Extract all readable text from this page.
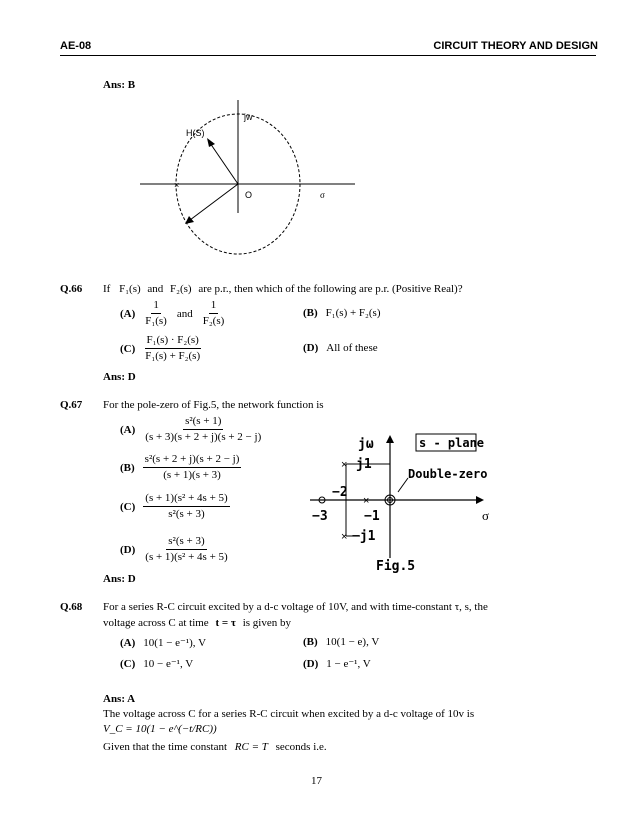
AE-08	CIRCUIT THEORY AND DESIGN
Ans: B
×
jw
H(S)
O	σ
Q.66 If F₁(s) and F₂(s) are p.r., then which of the following are p.r. (Positive Real)?
$(A) \frac{1}{\text{F₁(s)}}$ and $\frac{1}{\text{F₂(s)}}$	(B) F₁(s) + F₂(s)
$(C) \frac{\text{F₁(s) · F₂(s)}}{\text{F₁(s) + F₂(s)}}$	(D) All of these
Ans: D
Q.67 For the pole-zero of Fig.5, the network function is
$(A) \frac{\text{s²(s + 1)}}{(s + 3)(s + 2 + j)(s + 2 - j)}$
$(B) \frac{\text{s²(s + 2 + j)(s + 2 − j)}}{(s + 1)(s + 3)}$
$(C) \frac{\text{(s + 1)(s² + 4s + 5)}}{\text{s²(s + 3)}}$
$(D) \frac{\text{s²(s + 3)}}{\text{(s + 1)(s² + 4s + 5)}}$
Ans: D
jω	s - plane
× j1
Double-zero
−2
−3
×
−1
× −j1
σ
Fig.5
Q.68 For a series R-C circuit excited by a d-c voltage of 10V, and with time-constant τ, s, the
voltage across C at time t = τ is given by
(A) 10(1 − e⁻¹), V	(B) 10(1 − e), V
(C) 10 − e⁻¹, V	(D) 1 − e⁻¹, V
Ans: A
The voltage across C for a series R-C circuit when excited by a d-c voltage of 10v is
V_C = 10(1 − e^(−t/RC))
Given that the time constant RC = T seconds i.e.
17
